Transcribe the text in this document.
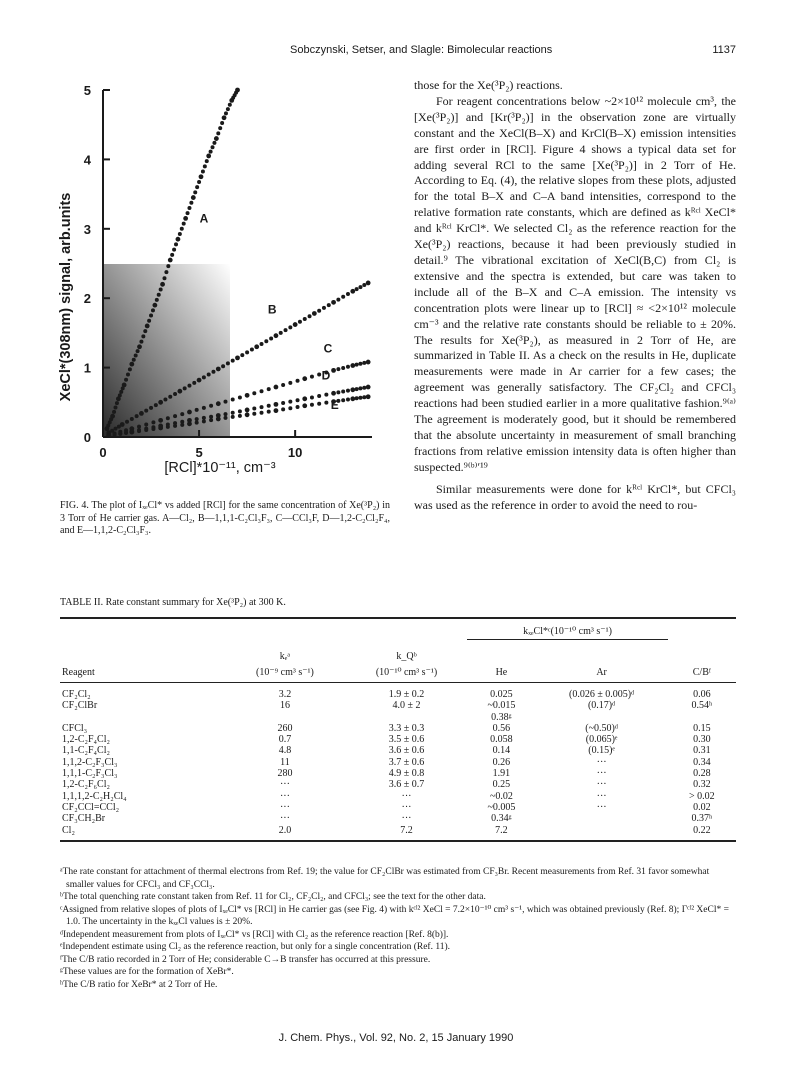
Sobczynski, Setser, and Slagle: Bimolecular reactions	1137
0
1
2
3
4
5
0	5	10
A
B
C
D
E
XeCl*(308nm) signal, arb.units
[RCl]*10⁻¹¹, cm⁻³
FIG. 4. The plot of IₓₑCl* vs added [RCl] for the same concentration of Xe(³P₂) in 3 Torr of He carrier gas. A—Cl₂, B—1,1,1-C₂Cl₃F₃, C—CCl₃F, D—1,2-C₂Cl₂F₄, and E—1,1,2-C₂Cl₃F₃.

those for the Xe(³P₂) reactions.

For reagent concentrations below ~2×10¹² molecule cm³, the [Xe(³P₂)] and [Kr(³P₂)] in the observation zone are virtually constant and the XeCl(B–X) and KrCl(B–X) emission intensities are first order in [RCl]. Figure 4 shows a typical data set for adding several RCl to the same [Xe(³P₂)] in 2 Torr of He. According to Eq. (4), the relative slopes from these plots, adjusted for the total B–X and C–A band intensities, correspond to the relative formation rate constants, which are defined as kᴿᶜˡ XeCl* and kᴿᶜˡ KrCl*. We selected Cl₂ as the reference reaction for the Xe(³P₂) reactions, because it had been previously studied in detail.⁹ The vibrational excitation of XeCl(B,C) from Cl₂ is extensive and the spectra is extended, but care was taken to include all of the B–X and C–A emission. The intensity vs concentration plots were linear up to [RCl] ≈ <2×10¹² molecule cm⁻³ and the relative rate constants should be reliable to ± 20%. The results for Xe(³P₂), as measured in 2 Torr of He, are summarized in Table II. As a check on the results in He, duplicate measurements were made in Ar carrier for a few cases; the agreement was generally satisfactory. The CF₂Cl₂ and CFCl₃ reactions had been studied earlier in a more qualitative fashion.⁹⁽ᵃ⁾ The agreement is moderately good, but it should be remembered that the absolute uncertainty in measurement of small branching fractions from relative emission intensity data is often higher than suspected.⁹⁽ᵇ⁾ʹ¹⁹

Similar measurements were done for kᴿᶜˡ KrCl*, but CFCl₃ was used as the reference in order to avoid the need to rou-

TABLE II. Rate constant summary for Xe(³P₂) at 300 K.
			kₓₑCl*ᶜ(10⁻¹⁰ cm³ s⁻¹)		
	kₑᵃ	k_Qᵇ			
Reagent	(10⁻⁹ cm³ s⁻¹)	(10⁻¹⁰ cm³ s⁻¹)	He	Ar	C/Bᶠ
CF₂Cl₂	3.2	1.9 ± 0.2	0.025	(0.026 ± 0.005)ᵈ	0.06
CF₂ClBr	16	4.0 ± 2	~0.015	(0.17)ᵈ	0.54ʰ
			0.38ᵍ		
CFCl₃	260	3.3 ± 0.3	0.56	(~0.50)ᵈ	0.15
1,2-C₂F₄Cl₂	0.7	3.5 ± 0.6	0.058	(0.065)ᵉ	0.30
1,1-C₂F₄Cl₂	4.8	3.6 ± 0.6	0.14	(0.15)ᵉ	0.31
1,1,2-C₂F₃Cl₃	11	3.7 ± 0.6	0.26	···	0.34
1,1,1-C₂F₃Cl₃	280	4.9 ± 0.8	1.91	···	0.28
1,2-C₂F₆Cl₂	···	3.6 ± 0.7	0.25	···	0.32
1,1,1,2-C₂H₂Cl₄	···	···	~0.02	···	> 0.02
CF₂CCl=CCl₂	···	···	~0.005	···	0.02
CF₃CH₂Br	···	···	0.34ᵍ		0.37ʰ
Cl₂	2.0	7.2	7.2		0.22
ᵃThe rate constant for attachment of thermal electrons from Ref. 19; the value for CF₂ClBr was estimated from CF₃Br. Recent measurements from Ref. 31 favor somewhat smaller values for CFCl₃ and CF₃CCl₃.
ᵇThe total quenching rate constant taken from Ref. 11 for Cl₂, CF₂Cl₂, and CFCl₃; see the text for the other data.
ᶜAssigned from relative slopes of plots of IₓₑCl* vs [RCl] in He carrier gas (see Fig. 4) with kᶜˡ² XeCl = 7.2×10⁻¹⁰ cm³ s⁻¹, which was obtained previously (Ref. 8); Γᶜˡ² XeCl* = 1.0. The uncertainty in the kₓₑCl values is ± 20%.
ᵈIndependent measurement from plots of IₓₑCl* vs [RCl] with Cl₂ as the reference reaction [Ref. 8(b)].
ᵉIndependent estimate using Cl₂ as the reference reaction, but only for a single concentration (Ref. 11).
ᶠThe C/B ratio recorded in 2 Torr of He; considerable C→B transfer has occurred at this pressure.
ᵍThese values are for the formation of XeBr*.
ʰThe C/B ratio for XeBr* at 2 Torr of He.
J. Chem. Phys., Vol. 92, No. 2, 15 January 1990
